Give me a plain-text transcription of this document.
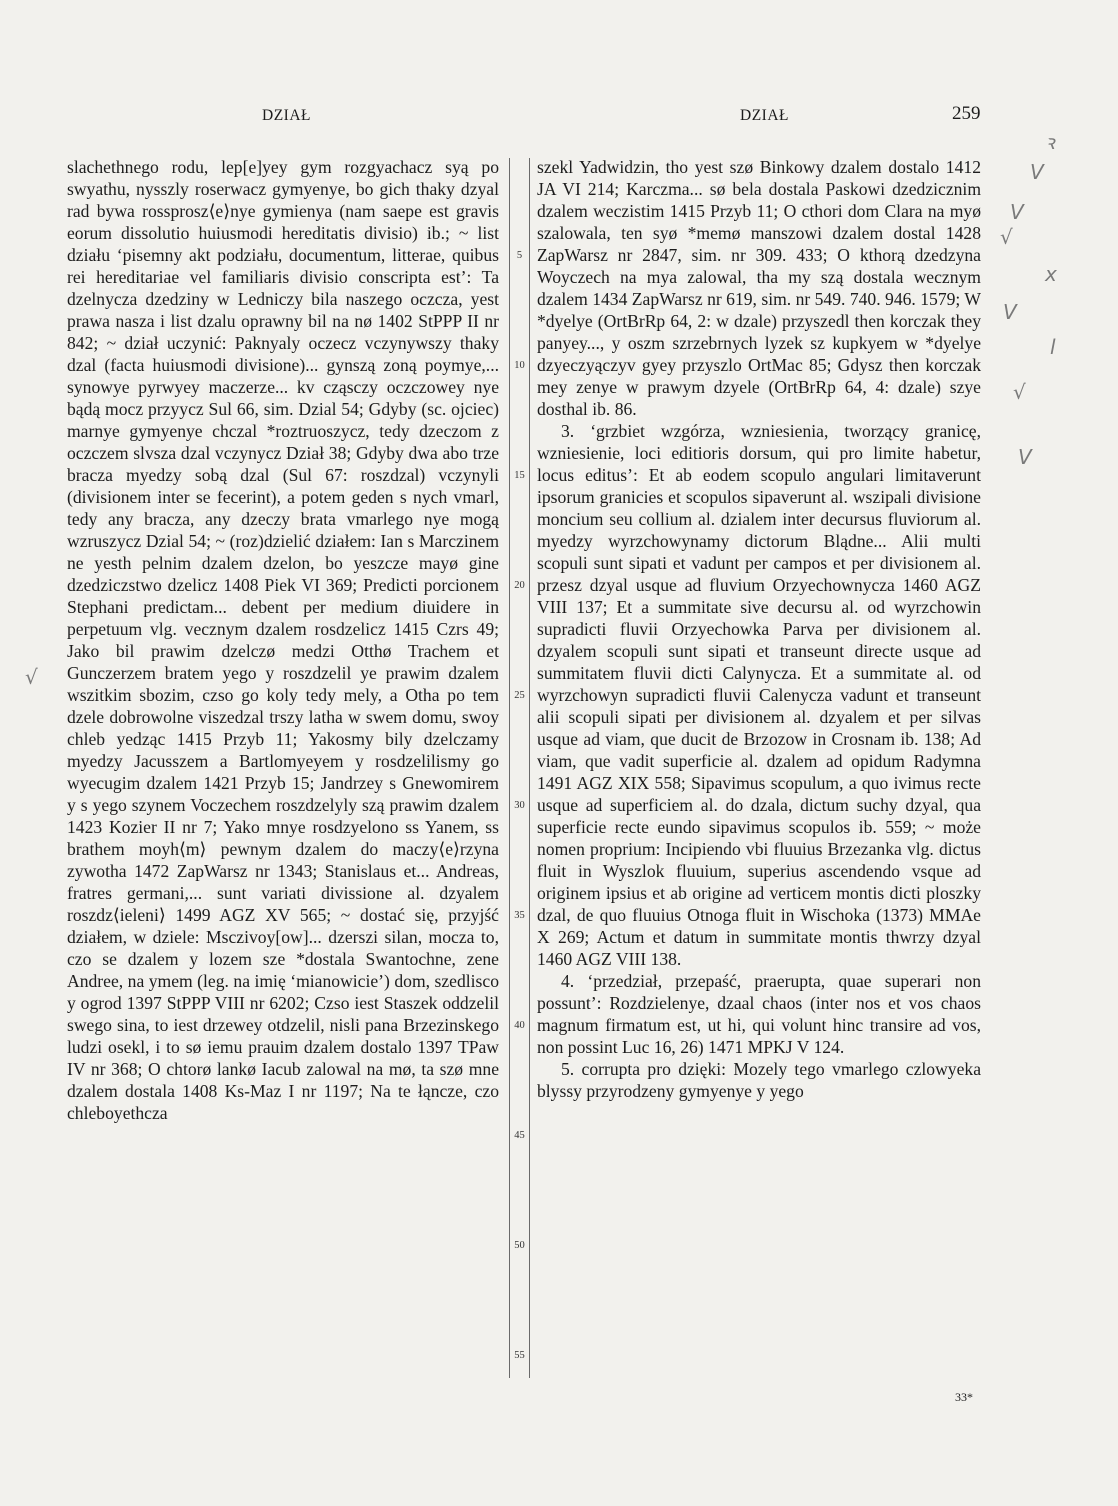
DZIAŁ	DZIAŁ	259

slachethnego rodu, lep[e]yey gym rozgyachacz syą po swyathu, nysszly roserwacz gymyenye, bo gich thaky dzyal rad bywa rossprosz⟨e⟩nye gymienya (nam saepe est gravis eorum dissolutio huiusmodi hereditatis divisio) ib.; ~ list działu ‘pisemny akt podziału, documentum, litterae, quibus rei hereditariae vel familiaris divisio conscripta est’: Ta dzelnycza dzedziny w Ledniczy bila naszego oczcza, yest prawa nasza i list dzalu oprawny bil na nø 1402 StPPP II nr 842; ~ dział uczynić: Paknyaly oczecz vczynywszy thaky dzal (facta huiusmodi divisione)... gynszą zoną poymye,... synowye pyrwyey maczerze... kv cząsczy oczczowey nye bądą mocz przyycz Sul 66, sim. Dzial 54; Gdyby (sc. ojciec) marnye gymyenye chczal *roztruoszycz, tedy dzeczom z oczczem slvsza dzal vczynycz Dział 38; Gdyby dwa abo trze bracza myedzy sobą dzal (Sul 67: roszdzal) vczynyli (divisionem inter se fecerint), a potem geden s nych vmarl, tedy any bracza, any dzeczy brata vmarlego nye mogą wzruszycz Dzial 54; ~ (roz)dzielić działem: Ian s Marczinem ne yesth pelnim dzalem dzelon, bo yeszcze mayø gine dzedziczstwo dzelicz 1408 Piek VI 369; Predicti porcionem Stephani predictam... debent per medium diuidere in perpetuum vlg. vecznym dzalem rosdzelicz 1415 Czrs 49; Jako bil prawim dzelczø medzi Otthø Trachem et Gunczerzem bratem yego y roszdzelil ye prawim dzalem wszitkim sbozim, czso go koly tedy mely, a Otha po tem dzele dobrowolne viszedzal trszy latha w swem domu, swoy chleb yedząc 1415 Przyb 11; Yakosmy bily dzelczamy myedzy Jacusszem a Bartlomyeyem y rosdzelilismy go wyecugim dzalem 1421 Przyb 15; Jandrzey s Gnewomirem y s yego szynem Voczechem roszdzelyly szą prawim dzalem 1423 Kozier II nr 7; Yako mnye rosdzyelono ss Yanem, ss brathem moyh⟨m⟩ pewnym dzalem do maczy⟨e⟩rzyna zywotha 1472 ZapWarsz nr 1343; Stanislaus et... Andreas, fratres germani,... sunt variati divissione al. dzyalem roszdz⟨ieleni⟩ 1499 AGZ XV 565; ~ dostać się, przyjść działem, w dziele: Msczivoy[ow]... dzerszi silan, mocza to, czo se dzalem y lozem sze *dostala Swantochne, zene Andree, na ymem (leg. na imię ‘mianowicie’) dom, szedlisco y ogrod 1397 StPPP VIII nr 6202; Czso iest Staszek oddzelil swego sina, to iest drzewey otdzelil, nisli pana Brzezinskego ludzi osekl, i to sø iemu prauim dzalem dostalo 1397 TPaw IV nr 368; O chtorø lankø Iacub zalowal na mø, ta szø mne dzalem dostala 1408 Ks-Maz I nr 1197; Na te łąncze, czo chleboyethcza

5
10
15
20
25
30
35
40
45
50
55

szekl Yadwidzin, tho yest szø Binkowy dzalem dostalo 1412 JA VI 214; Karczma... sø bela dostala Paskowi dzedzicznim dzalem weczistim 1415 Przyb 11; O cthori dom Clara na myø szalowala, ten syø *memø manszowi dzalem dostal 1428 ZapWarsz nr 2847, sim. nr 309. 433; O kthorą dzedzyna Woyczech na mya zalowal, tha my szą dostala wecznym dzalem 1434 ZapWarsz nr 619, sim. nr 549. 740. 946. 1579; W *dyelye (OrtBrRp 64, 2: w dzale) przyszedl then korczak they panyey..., y oszm szrzebrnych lyzek sz kupkyem w *dyelye dzyeczyączyv gyey przyszlo OrtMac 85; Gdysz then korczak mey zenye w prawym dzyele (OrtBrRp 64, 4: dzale) szye dosthal ib. 86.

3. ‘grzbiet wzgórza, wzniesienia, tworzący granicę, wzniesienie, loci editioris dorsum, qui pro limite habetur, locus editus’: Et ab eodem scopulo angulari limitaverunt ipsorum granicies et scopulos sipaverunt al. wszipali divisione moncium seu collium al. dzialem inter decursus fluviorum al. myedzy wyrzchowynamy dictorum Blądne... Alii multi scopuli sunt sipati et vadunt per campos et per divisionem al. przesz dzyal usque ad fluvium Orzyechownycza 1460 AGZ VIII 137; Et a summitate sive decursu al. od wyrzchowin supradicti fluvii Orzyechowka Parva per divisionem al. dzyalem scopuli sunt sipati et transeunt directe usque ad summitatem fluvii dicti Calynycza. Et a summitate al. od wyrzchowyn supradicti fluvii Calenycza vadunt et transeunt alii scopuli sipati per divisionem al. dzyalem et per silvas usque ad viam, que ducit de Brzozow in Crosnam ib. 138; Ad viam, que vadit superficie al. dzalem ad opidum Radymna 1491 AGZ XIX 558; Sipavimus scopulum, a quo ivimus recte usque ad superficiem al. do dzala, dictum suchy dzyal, qua superficie recte eundo sipavimus scopulos ib. 559; ~ może nomen proprium: Incipiendo vbi fluuius Brzezanka vlg. dictus fluit in Wyszlok fluuium, superius ascendendo vsque ad originem ipsius et ab origine ad verticem montis dicti ploszky dzal, de quo fluuius Otnoga fluit in Wischoka (1373) MMAe X 269; Actum et datum in summitate montis thwrzy dzyal 1460 AGZ VIII 138.

4. ‘przedział, przepaść, praerupta, quae superari non possunt’: Rozdzielenye, dzaal chaos (inter nos et vos chaos magnum firmatum est, ut hi, qui volunt hinc transire ad vos, non possint Luc 16, 26) 1471 MPKJ V 124.

5. corrupta pro dzięki: Mozely tego vmarlego czlowyeka blyssy przyrodzeny gymyenye y yego

33*
ꝛ
V
V
√
x
l
V
√
V
√
